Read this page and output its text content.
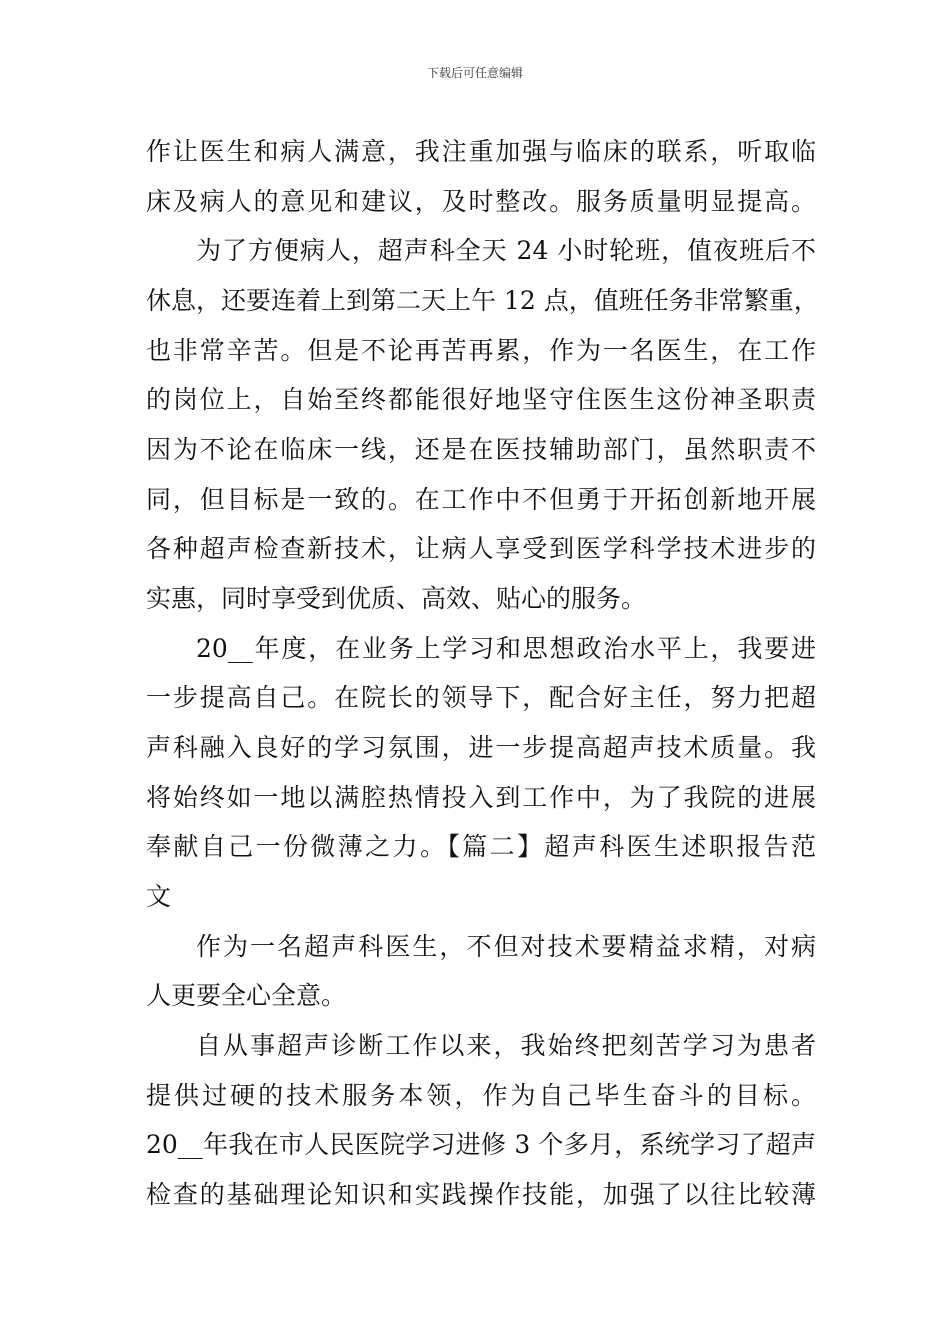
下载后可任意编辑
作让医生和病人满意，我注重加强与临床的联系，听取临
床及病人的意见和建议，及时整改。服务质量明显提高。
为了方便病人，超声科全天 24 小时轮班，值夜班后不
休息，还要连着上到第二天上午 12 点，值班任务非常繁重，
也非常辛苦。但是不论再苦再累，作为一名医生，在工作
的岗位上，自始至终都能很好地坚守住医生这份神圣职责
因为不论在临床一线，还是在医技辅助部门，虽然职责不
同，但目标是一致的。在工作中不但勇于开拓创新地开展
各种超声检查新技术，让病人享受到医学科学技术进步的
实惠，同时享受到优质、高效、贴心的服务。
20__年度，在业务上学习和思想政治水平上，我要进
一步提高自己。在院长的领导下，配合好主任，努力把超
声科融入良好的学习氛围，进一步提高超声技术质量。我
将始终如一地以满腔热情投入到工作中，为了我院的进展
奉献自己一份微薄之力。【篇二】超声科医生述职报告范
文
作为一名超声科医生，不但对技术要精益求精，对病
人更要全心全意。
自从事超声诊断工作以来，我始终把刻苦学习为患者
提供过硬的技术服务本领，作为自己毕生奋斗的目标。
20__年我在市人民医院学习进修 3 个多月，系统学习了超声
检查的基础理论知识和实践操作技能，加强了以往比较薄
